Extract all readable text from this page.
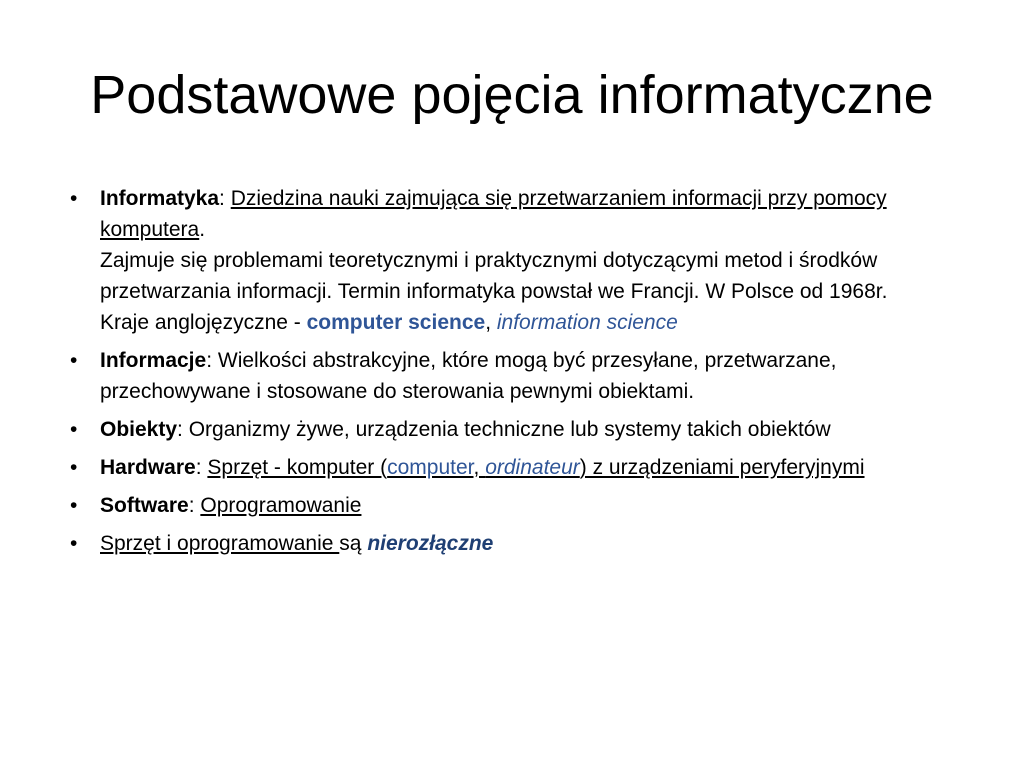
Podstawowe pojęcia informatyczne
•	Informatyka: Dziedzina nauki zajmująca się przetwarzaniem informacji przy pomocy komputera.
Zajmuje się problemami teoretycznymi i praktycznymi dotyczącymi metod i środków przetwarzania informacji. Termin informatyka powstał we Francji. W Polsce od 1968r.
Kraje anglojęzyczne - computer science, information science
•	Informacje: Wielkości abstrakcyjne, które mogą być przesyłane, przetwarzane, przechowywane i stosowane do sterowania pewnymi obiektami.
•	Obiekty: Organizmy żywe, urządzenia techniczne lub systemy takich obiektów
•	Hardware: Sprzęt - komputer (computer, ordinateur) z urządzeniami peryferyjnymi
•	Software: Oprogramowanie
•	Sprzęt i oprogramowanie są nierozłączne
